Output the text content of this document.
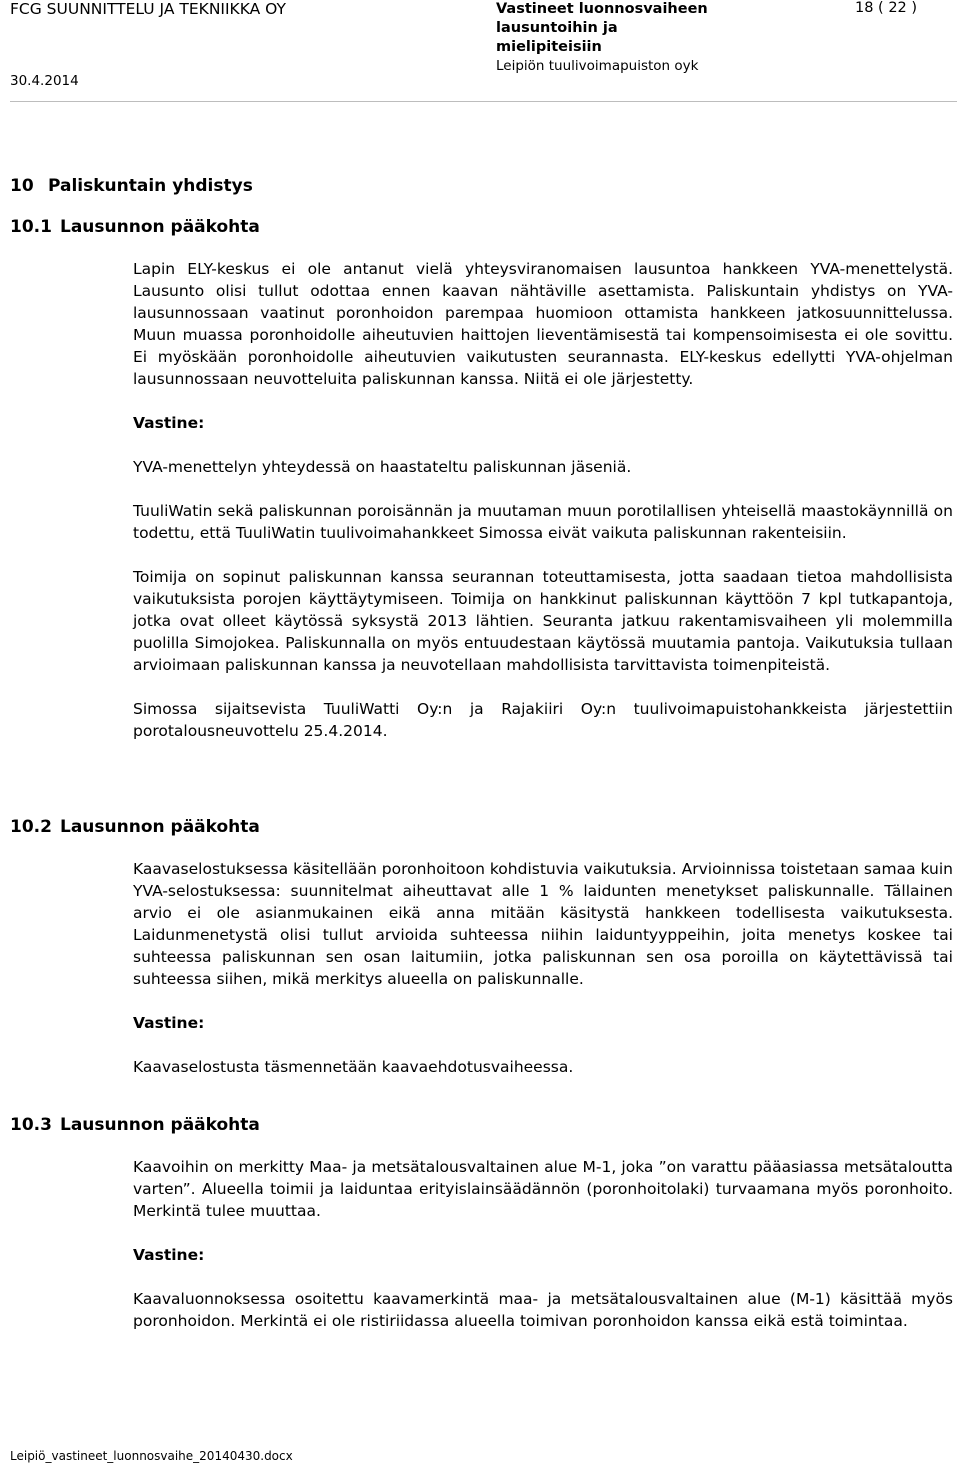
FCG SUUNNITTELU JA TEKNIIKKA OY
30.4.2014
Vastineet luonnosvaiheen
lausuntoihin ja
mielipiteisiin
Leipiön tuulivoimapuiston oyk
18 ( 22 )
10 Paliskuntain yhdistys
10.1 Lausunnon pääkohta

Lapin ELY-keskus ei ole antanut vielä yhteysviranomaisen lausuntoa hankkeen YVA-menettelystä. Lausunto olisi tullut odottaa ennen kaavan nähtäville asettamista. Paliskuntain yhdistys on YVA-lausunnossaan vaatinut poronhoidon parempaa huomioon ottamista hankkeen jatkosuunnittelussa. Muun muassa poronhoidolle aiheutuvien haittojen lieventämisestä tai kompensoimisesta ei ole sovittu. Ei myöskään poronhoidolle aiheutuvien vaikutusten seurannasta. ELY-keskus edellytti YVA-ohjelman lausunnossaan neuvotteluita paliskunnan kanssa. Niitä ei ole järjestetty.

Vastine:

YVA-menettelyn yhteydessä on haastateltu paliskunnan jäseniä.

TuuliWatin sekä paliskunnan poroisännän ja muutaman muun porotilallisen yhteisellä maastokäynnillä on todettu, että TuuliWatin tuulivoimahankkeet Simossa eivät vaikuta paliskunnan rakenteisiin.

Toimija on sopinut paliskunnan kanssa seurannan toteuttamisesta, jotta saadaan tietoa mahdollisista vaikutuksista porojen käyttäytymiseen. Toimija on hankkinut paliskunnan käyttöön 7 kpl tutkapantoja, jotka ovat olleet käytössä syksystä 2013 lähtien. Seuranta jatkuu rakentamisvaiheen yli molemmilla puolilla Simojokea. Paliskunnalla on myös entuudestaan käytössä muutamia pantoja. Vaikutuksia tullaan arvioimaan paliskunnan kanssa ja neuvotellaan mahdollisista tarvittavista toimenpiteistä.

Simossa sijaitsevista TuuliWatti Oy:n ja Rajakiiri Oy:n tuulivoimapuistohankkeista järjestettiin porotalousneuvottelu 25.4.2014.

10.2 Lausunnon pääkohta

Kaavaselostuksessa käsitellään poronhoitoon kohdistuvia vaikutuksia. Arvioinnissa toistetaan samaa kuin YVA-selostuksessa: suunnitelmat aiheuttavat alle 1 % laidunten menetykset paliskunnalle. Tällainen arvio ei ole asianmukainen eikä anna mitään käsitystä hankkeen todellisesta vaikutuksesta. Laidunmenetystä olisi tullut arvioida suhteessa niihin laiduntyyppeihin, joita menetys koskee tai suhteessa paliskunnan sen osan laitumiin, jotka paliskunnan sen osa poroilla on käytettävissä tai suhteessa siihen, mikä merkitys alueella on paliskunnalle.

Vastine:

Kaavaselostusta täsmennetään kaavaehdotusvaiheessa.

10.3 Lausunnon pääkohta

Kaavoihin on merkitty Maa- ja metsätalousvaltainen alue M-1, joka ”on varattu pääasiassa metsätaloutta varten”. Alueella toimii ja laiduntaa erityislainsäädännön (poronhoitolaki) turvaamana myös poronhoito. Merkintä tulee muuttaa.

Vastine:

Kaavaluonnoksessa osoitettu kaavamerkintä maa- ja metsätalousvaltainen alue (M-1) käsittää myös poronhoidon. Merkintä ei ole ristiriidassa alueella toimivan poronhoidon kanssa eikä estä toimintaa.

Leipiö_vastineet_luonnosvaihe_20140430.docx
